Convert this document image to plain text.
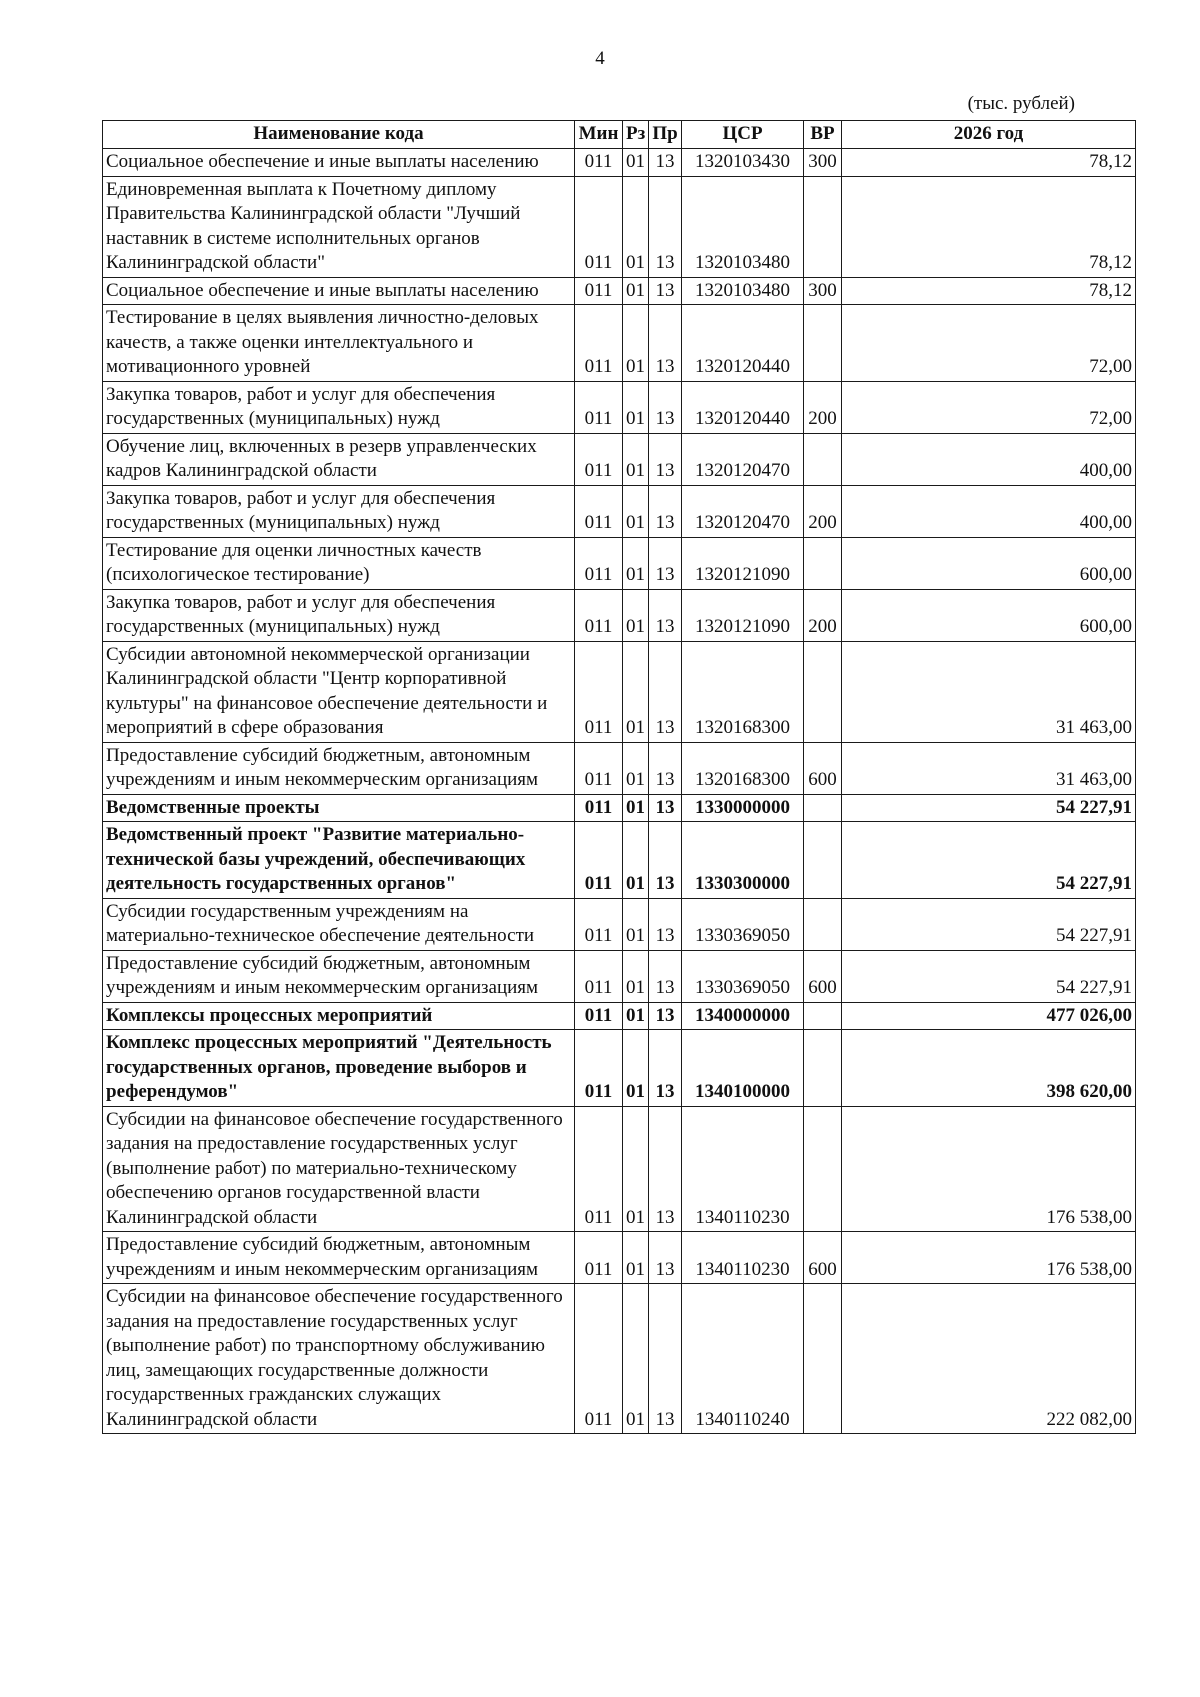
4
(тыс. рублей)
Наименование кода	Мин	Рз	Пр	ЦСР	ВР	2026 год
Социальное обеспечение и иные выплаты населению	011	01	13	1320103430	300	78,12
Единовременная выплата к Почетному диплому Правительства Калининградской области "Лучший наставник в системе исполнительных органов Калининградской области"	011	01	13	1320103480		78,12
Социальное обеспечение и иные выплаты населению	011	01	13	1320103480	300	78,12
Тестирование в целях выявления личностно-деловых качеств, а также оценки интеллектуального и мотивационного уровней	011	01	13	1320120440		72,00
Закупка товаров, работ и услуг для обеспечения государственных (муниципальных) нужд	011	01	13	1320120440	200	72,00
Обучение лиц, включенных в резерв управленческих кадров Калининградской области	011	01	13	1320120470		400,00
Закупка товаров, работ и услуг для обеспечения государственных (муниципальных) нужд	011	01	13	1320120470	200	400,00
Тестирование для оценки личностных качеств (психологическое тестирование)	011	01	13	1320121090		600,00
Закупка товаров, работ и услуг для обеспечения государственных (муниципальных) нужд	011	01	13	1320121090	200	600,00
Субсидии автономной некоммерческой организации Калининградской области "Центр корпоративной культуры" на финансовое обеспечение деятельности и мероприятий в сфере образования	011	01	13	1320168300		31 463,00
Предоставление субсидий бюджетным, автономным учреждениям и иным некоммерческим организациям	011	01	13	1320168300	600	31 463,00
Ведомственные проекты	011	01	13	1330000000		54 227,91
Ведомственный проект "Развитие материально-технической базы учреждений, обеспечивающих деятельность государственных органов"	011	01	13	1330300000		54 227,91
Субсидии государственным учреждениям на материально-техническое обеспечение деятельности	011	01	13	1330369050		54 227,91
Предоставление субсидий бюджетным, автономным учреждениям и иным некоммерческим организациям	011	01	13	1330369050	600	54 227,91
Комплексы процессных мероприятий	011	01	13	1340000000		477 026,00
Комплекс процессных мероприятий "Деятельность государственных органов, проведение выборов и референдумов"	011	01	13	1340100000		398 620,00
Субсидии на финансовое обеспечение государственного задания на предоставление государственных услуг (выполнение работ) по материально-техническому обеспечению органов государственной власти Калининградской области	011	01	13	1340110230		176 538,00
Предоставление субсидий бюджетным, автономным учреждениям и иным некоммерческим организациям	011	01	13	1340110230	600	176 538,00
Субсидии на финансовое обеспечение государственного задания на предоставление государственных услуг (выполнение работ) по транспортному обслуживанию лиц, замещающих государственные должности государственных гражданских служащих Калининградской области	011	01	13	1340110240		222 082,00
